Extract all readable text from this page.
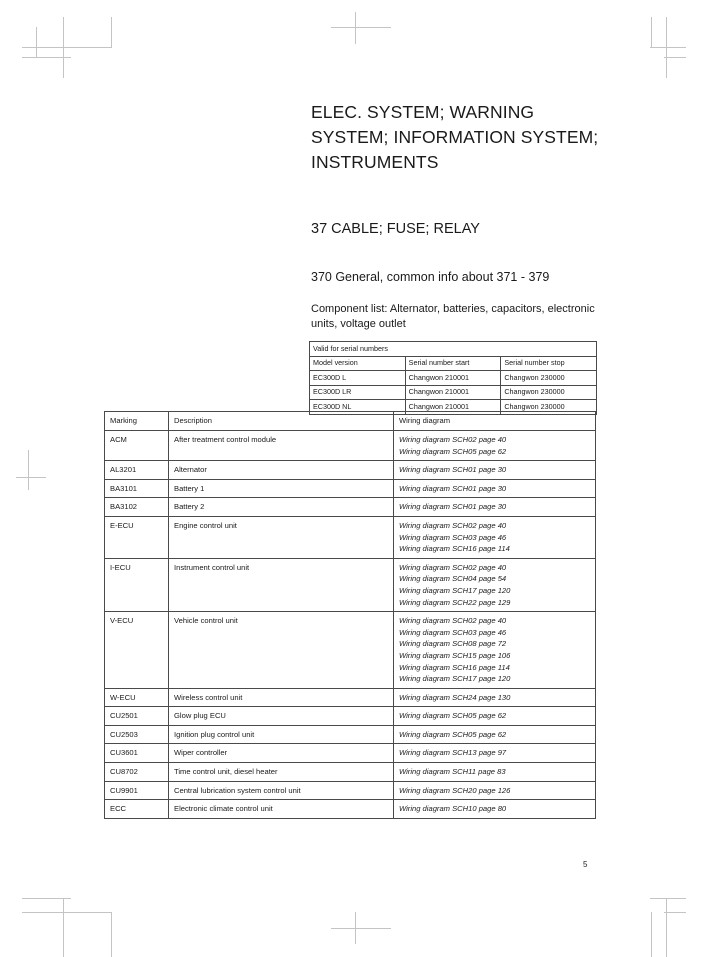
ELEC. SYSTEM; WARNING SYSTEM; INFORMATION SYSTEM; INSTRUMENTS
37 CABLE; FUSE; RELAY
370 General, common info about 371 - 379

Component list: Alternator, batteries, capacitors, electronic units, voltage outlet

Valid for serial numbers		
Model version	Serial number start	Serial number stop
EC300D L	Changwon 210001	Changwon 230000
EC300D LR	Changwon 210001	Changwon 230000
EC300D NL	Changwon 210001	Changwon 230000
Marking	Description	Wiring diagram
ACM	After treatment control module	Wiring diagram SCH02 page 40
Wiring diagram SCH05 page 62

AL3201	Alternator	Wiring diagram SCH01 page 30

BA3101	Battery 1	Wiring diagram SCH01 page 30

BA3102	Battery 2	Wiring diagram SCH01 page 30

E-ECU	Engine control unit	Wiring diagram SCH02 page 40
Wiring diagram SCH03 page 46
Wiring diagram SCH16 page 114

I-ECU	Instrument control unit	Wiring diagram SCH02 page 40
Wiring diagram SCH04 page 54
Wiring diagram SCH17 page 120
Wiring diagram SCH22 page 129

V-ECU	Vehicle control unit	Wiring diagram SCH02 page 40
Wiring diagram SCH03 page 46
Wiring diagram SCH08 page 72
Wiring diagram SCH15 page 106
Wiring diagram SCH16 page 114
Wiring diagram SCH17 page 120

W-ECU	Wireless control unit	Wiring diagram SCH24 page 130

CU2501	Glow plug ECU	Wiring diagram SCH05 page 62

CU2503	Ignition plug control unit	Wiring diagram SCH05 page 62

CU3601	Wiper controller	Wiring diagram SCH13 page 97

CU8702	Time control unit, diesel heater	Wiring diagram SCH11 page 83

CU9901	Central lubrication system control unit	Wiring diagram SCH20 page 126

ECC	Electronic climate control unit	Wiring diagram SCH10 page 80
5
